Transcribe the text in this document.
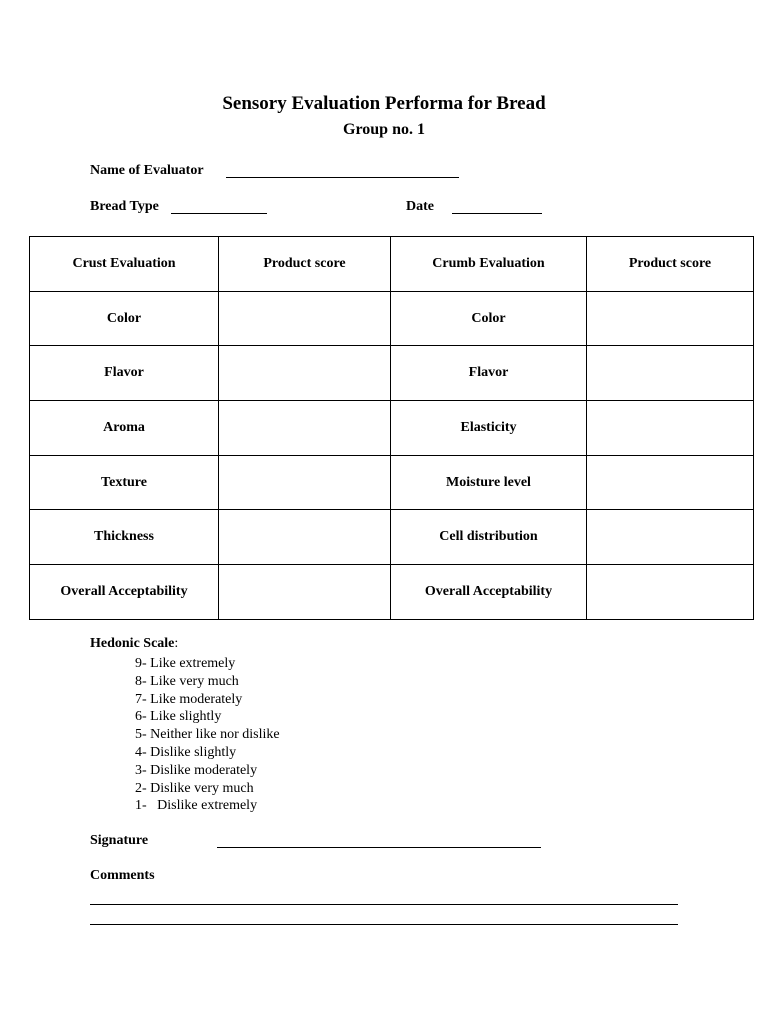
Sensory Evaluation Performa for Bread
Group no. 1
Name of Evaluator
Bread Type	Date
Crust Evaluation	Product score	Crumb Evaluation	Product score
Color		Color	
Flavor		Flavor	
Aroma		Elasticity	
Texture		Moisture level	
Thickness		Cell distribution	
Overall Acceptability		Overall Acceptability	
Hedonic Scale:
9- Like extremely
8- Like very much
7- Like moderately
6- Like slightly
5- Neither like nor dislike
4- Dislike slightly
3- Dislike moderately
2- Dislike very much
1-   Dislike extremely
Signature
Comments
